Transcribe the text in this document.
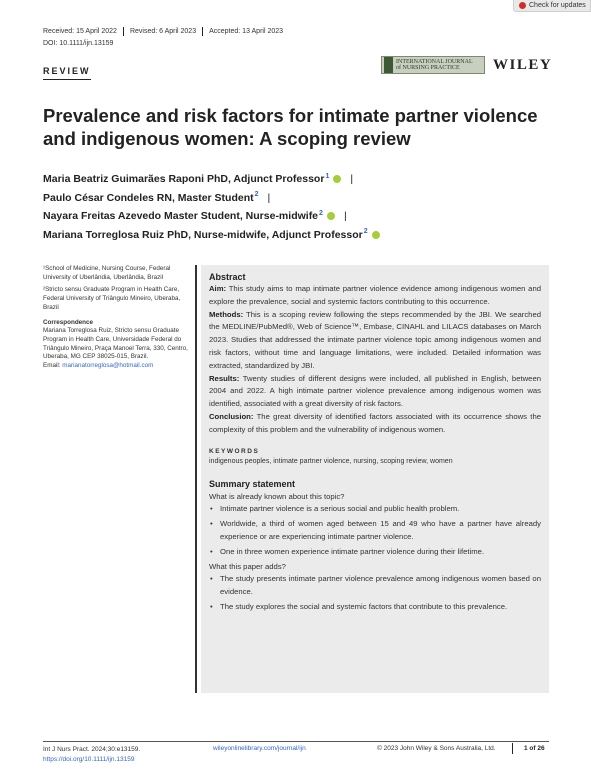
Check for updates
Received: 15 April 2022	Revised: 6 April 2023	Accepted: 13 April 2023
DOI: 10.1111/ijn.13159
REVIEW
INTERNATIONAL JOURNAL
of NURSING PRACTICE	WILEY
Prevalence and risk factors for intimate partner violence and indigenous women: A scoping review
Maria Beatriz Guimarães Raponi PhD, Adjunct Professor$^1$ |
Paulo César Condeles RN, Master Student$^2$ |
Nayara Freitas Azevedo Master Student, Nurse-midwife$^2$ |
Mariana Torreglosa Ruiz PhD, Nurse-midwife, Adjunct Professor$^2$

¹School of Medicine, Nursing Course, Federal University of Uberlândia, Uberlândia, Brazil

²Stricto sensu Graduate Program in Health Care, Federal University of Triângulo Mineiro, Uberaba, Brazil

Correspondence

Mariana Torreglosa Ruiz, Stricto sensu Graduate Program in Health Care, Universidade Federal do Triângulo Mineiro, Praça Manoel Terra, 330, Centro, Uberaba, MG CEP 38025-015, Brazil.

Email: marianatorreglosa@hotmail.com

Abstract

Aim: This study aims to map intimate partner violence evidence among indigenous women and explore the prevalence, social and systemic factors contributing to this occurrence.

Methods: This is a scoping review following the steps recommended by the JBI. We searched the MEDLINE/PubMed®, Web of Science™, Embase, CINAHL and LILACS databases on March 2023. Studies that addressed the intimate partner violence topic among indigenous women and risk factors, without time and language limitations, were included. Detailed information was extracted, standardized by JBI.

Results: Twenty studies of different designs were included, all published in English, between 2004 and 2022. A high intimate partner violence prevalence among indigenous women was identified, associated with a great diversity of risk factors.

Conclusion: The great diversity of identified factors associated with its occurrence shows the complexity of this problem and the vulnerability of indigenous women.

KEYWORDS
indigenous peoples, intimate partner violence, nursing, scoping review, women
Summary statement
What is already known about this topic?
• Intimate partner violence is a serious social and public health problem.
• Worldwide, a third of women aged between 15 and 49 who have a partner have already experience or are experiencing intimate partner violence.
• One in three women experience intimate partner violence during their lifetime.
What this paper adds?
• The study presents intimate partner violence prevalence among indigenous women based on evidence.
• The study explores the social and systemic factors that contribute to this prevalence.
Int J Nurs Pract. 2024;30:e13159.
https://doi.org/10.1111/ijn.13159
wileyonlinelibrary.com/journal/ijn	© 2023 John Wiley & Sons Australia, Ltd.	1 of 26
